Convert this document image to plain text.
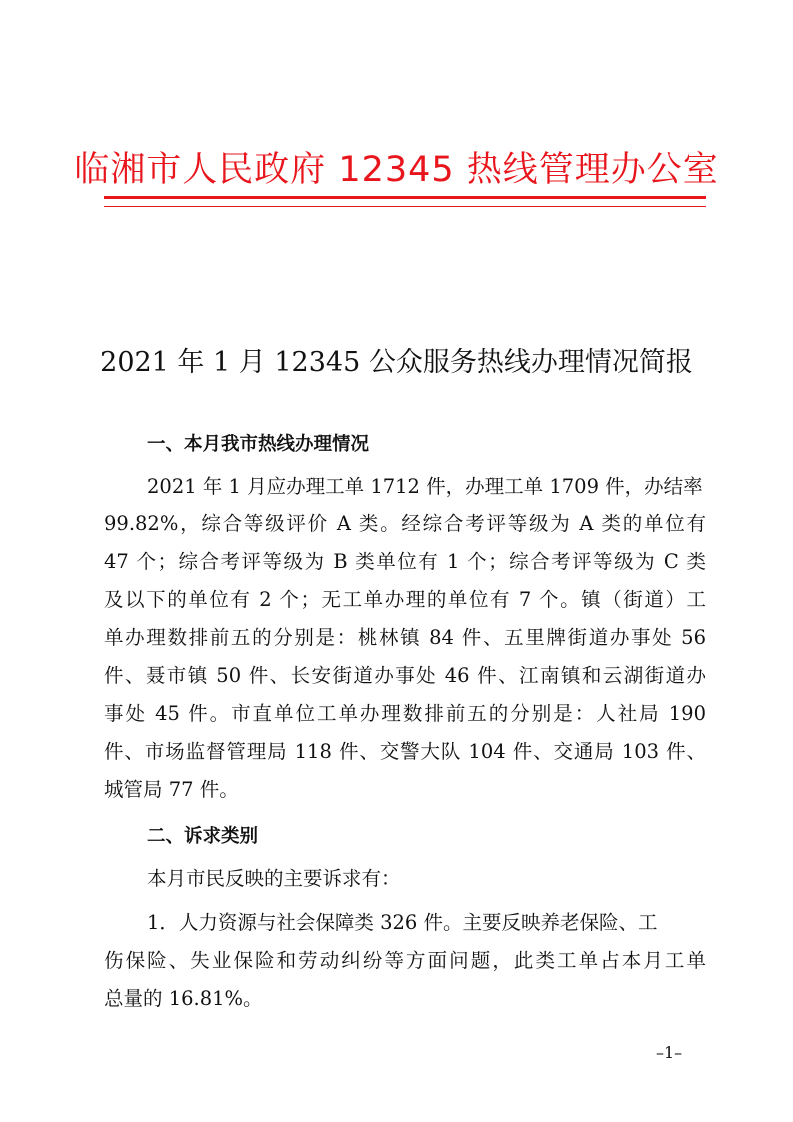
临湘市人民政府 12345 热线管理办公室
2021 年 1 月 12345 公众服务热线办理情况简报
一、本月我市热线办理情况
2021 年 1 月应办理工单 1712 件，办理工单 1709 件，办结率
99.82%，综合等级评价 A 类。经综合考评等级为 A 类的单位有
47 个；综合考评等级为 B 类单位有 1 个；综合考评等级为 C 类
及以下的单位有 2 个；无工单办理的单位有 7 个。镇（街道）工
单办理数排前五的分别是：桃林镇 84 件、五里牌街道办事处 56
件、聂市镇 50 件、长安街道办事处 46 件、江南镇和云湖街道办
事处 45 件。市直单位工单办理数排前五的分别是：人社局 190
件、市场监督管理局 118 件、交警大队 104 件、交通局 103 件、
城管局 77 件。
二、诉求类别
本月市民反映的主要诉求有：
1．人力资源与社会保障类 326 件。主要反映养老保险、工
伤保险、失业保险和劳动纠纷等方面问题，此类工单占本月工单
总量的 16.81%。
–1–
